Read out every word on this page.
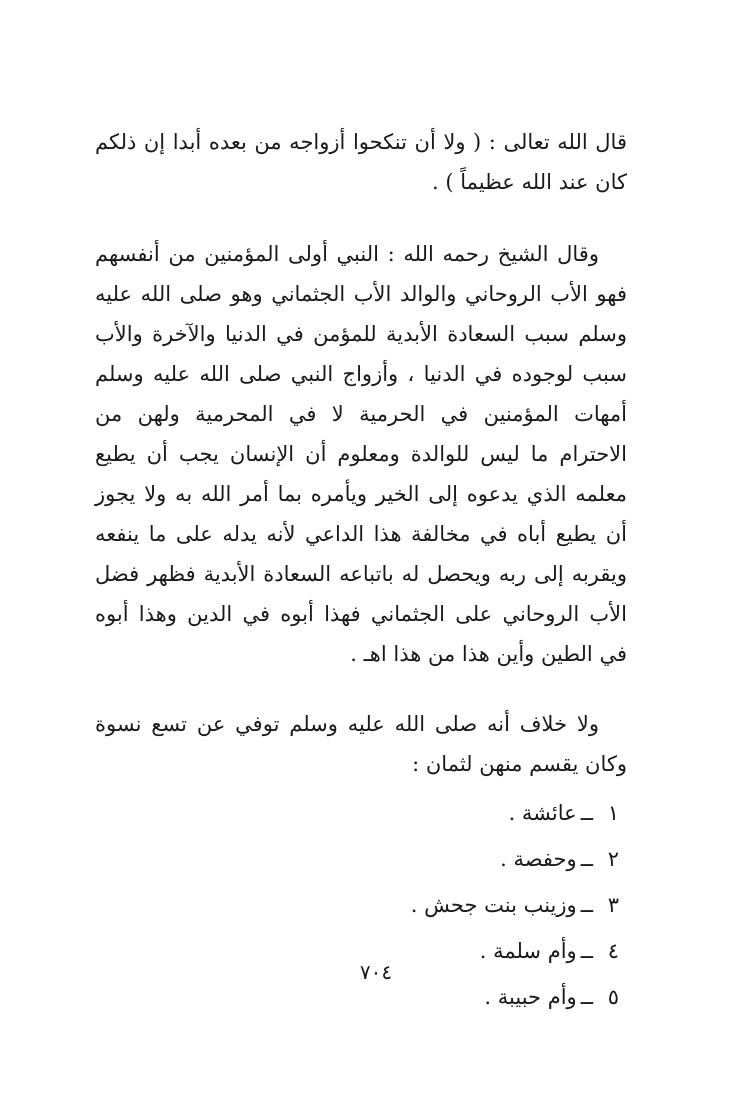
قال الله تعالى : ( ولا أن تنكحوا أزواجه من بعده أبدا إن ذلكم كان عند الله عظيماً ) .

وقال الشيخ رحمه الله : النبي أولى المؤمنين من أنفسهم فهو الأب الروحاني والوالد الأب الجثماني وهو صلى الله عليه وسلم سبب السعادة الأبدية للمؤمن في الدنيا والآخرة والأب سبب لوجوده في الدنيا ، وأزواج النبي صلى الله عليه وسلم أمهات المؤمنين في الحرمية لا في المحرمية ولهن من الاحترام ما ليس للوالدة ومعلوم أن الإنسان يجب أن يطيع معلمه الذي يدعوه إلى الخير ويأمره بما أمر الله به ولا يجوز أن يطيع أباه في مخالفة هذا الداعي لأنه يدله على ما ينفعه ويقربه إلى ربه ويحصل له باتباعه السعادة الأبدية فظهر فضل الأب الروحاني على الجثماني فهذا أبوه في الدين وهذا أبوه في الطين وأين هذا من هذا اهـ .

ولا خلاف أنه صلى الله عليه وسلم توفي عن تسع نسوة وكان يقسم منهن لثمان :

١ــعائشة .
٢ــوحفصة .
٣ــوزينب بنت جحش .
٤ــوأم سلمة .
٥ــوأم حبيبة .
٧٠٤
